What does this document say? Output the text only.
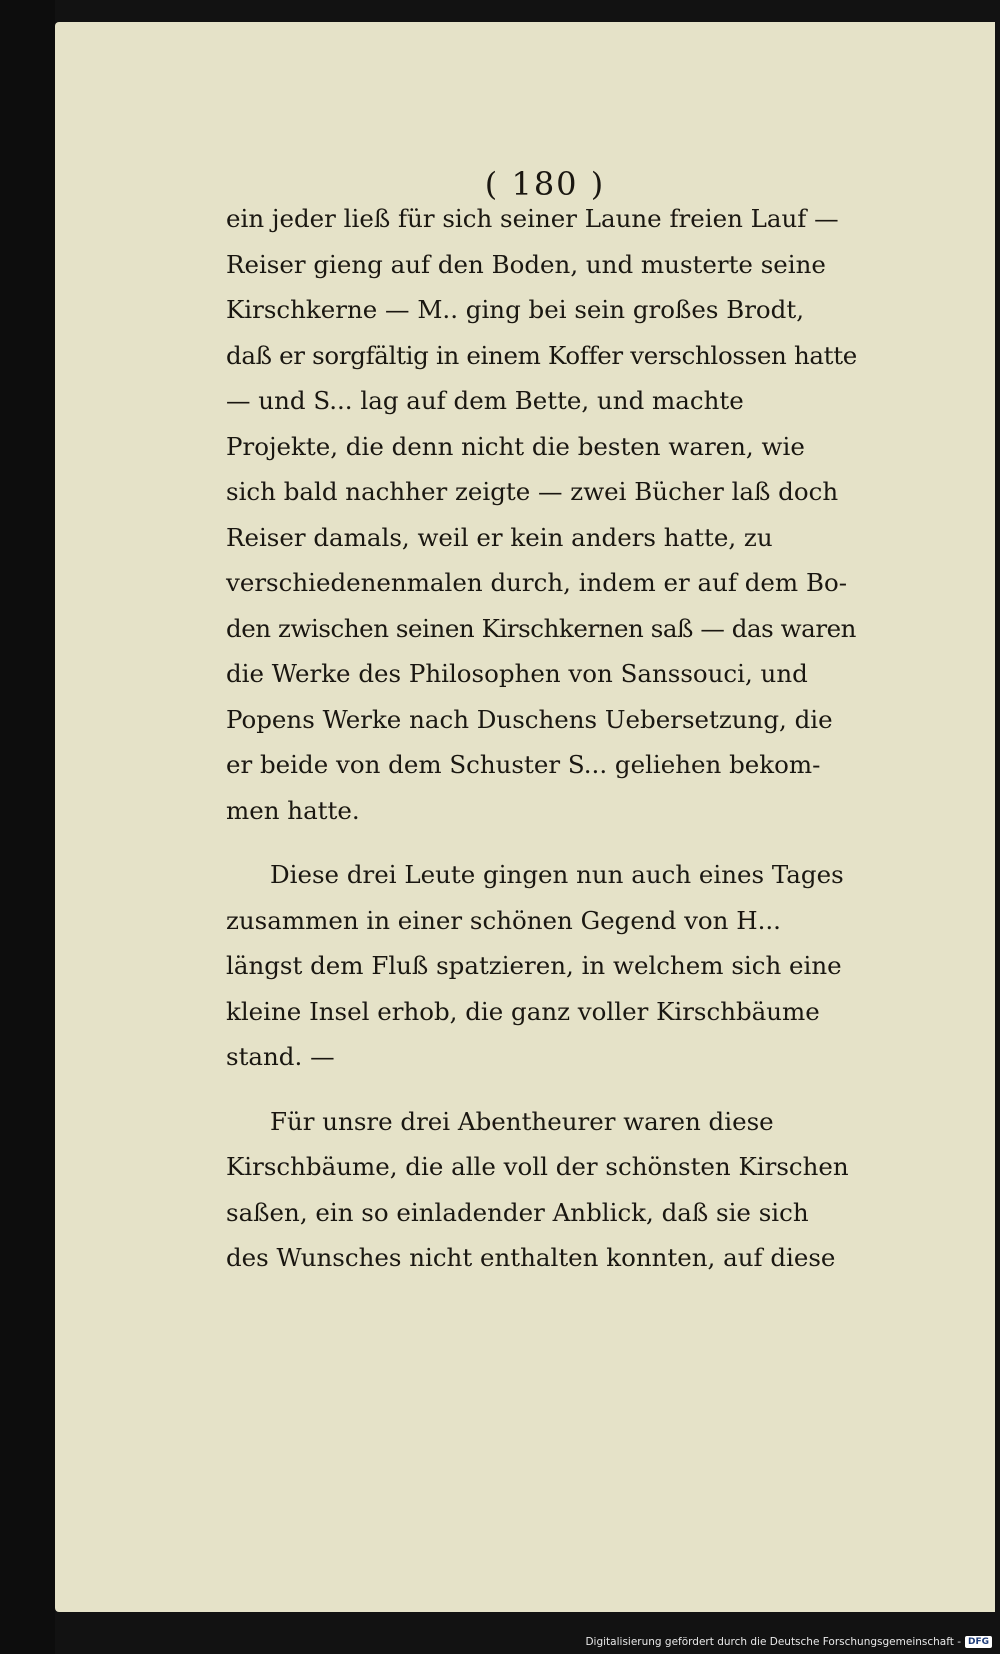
( 180 )
ein jeder ließ für sich seiner Laune freien Lauf —
Reiser gieng auf den Boden, und musterte seine
Kirschkerne — M.. ging bei sein großes Brodt,
daß er sorgfältig in einem Koffer verschlossen hatte
— und S... lag auf dem Bette, und machte
Projekte, die denn nicht die besten waren, wie
sich bald nachher zeigte — zwei Bücher laß doch
Reiser damals, weil er kein anders hatte, zu
verschiedenenmalen durch, indem er auf dem Bo-
den zwischen seinen Kirschkernen saß — das waren
die Werke des Philosophen von Sanssouci, und
Popens Werke nach Duschens Uebersetzung, die
er beide von dem Schuster S... geliehen bekom-
men hatte.
Diese drei Leute gingen nun auch eines Tages
zusammen in einer schönen Gegend von H...
längst dem Fluß spatzieren, in welchem sich eine
kleine Insel erhob, die ganz voller Kirschbäume
stand. —
Für unsre drei Abentheurer waren diese
Kirschbäume, die alle voll der schönsten Kirschen
saßen, ein so einladender Anblick, daß sie sich
des Wunsches nicht enthalten konnten, auf diese
Digitalisierung gefördert durch die Deutsche Forschungsgemeinschaft - DFG
